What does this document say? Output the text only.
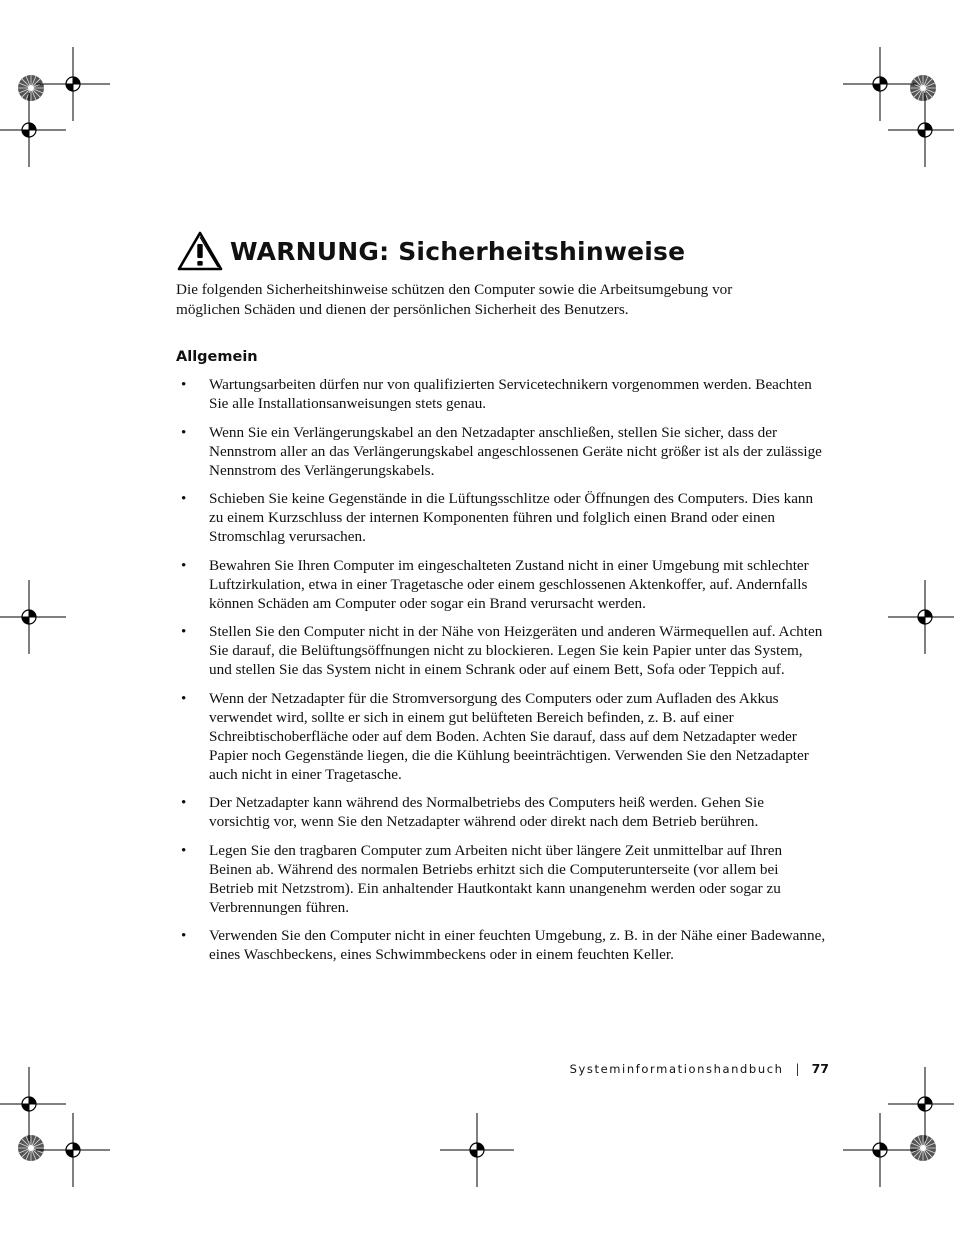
WARNUNG: Sicherheitshinweise

Die folgenden Sicherheitshinweise schützen den Computer sowie die Arbeitsumgebung vor möglichen Schäden und dienen der persönlichen Sicherheit des Benutzers.

Allgemein
• Wartungsarbeiten dürfen nur von qualifizierten Servicetechnikern vorgenommen werden. Beachten Sie alle Installationsanweisungen stets genau.
• Wenn Sie ein Verlängerungskabel an den Netzadapter anschließen, stellen Sie sicher, dass der Nennstrom aller an das Verlängerungskabel angeschlossenen Geräte nicht größer ist als der zulässige Nennstrom des Verlängerungskabels.
• Schieben Sie keine Gegenstände in die Lüftungsschlitze oder Öffnungen des Computers. Dies kann zu einem Kurzschluss der internen Komponenten führen und folglich einen Brand oder einen Stromschlag verursachen.
• Bewahren Sie Ihren Computer im eingeschalteten Zustand nicht in einer Umgebung mit schlechter Luftzirkulation, etwa in einer Tragetasche oder einem geschlossenen Aktenkoffer, auf. Andernfalls können Schäden am Computer oder sogar ein Brand verursacht werden.
• Stellen Sie den Computer nicht in der Nähe von Heizgeräten und anderen Wärmequellen auf. Achten Sie darauf, die Belüftungsöffnungen nicht zu blockieren. Legen Sie kein Papier unter das System, und stellen Sie das System nicht in einem Schrank oder auf einem Bett, Sofa oder Teppich auf.
• Wenn der Netzadapter für die Stromversorgung des Computers oder zum Aufladen des Akkus verwendet wird, sollte er sich in einem gut belüfteten Bereich befinden, z. B. auf einer Schreibtischoberfläche oder auf dem Boden. Achten Sie darauf, dass auf dem Netzadapter weder Papier noch Gegenstände liegen, die die Kühlung beeinträchtigen. Verwenden Sie den Netzadapter auch nicht in einer Tragetasche.
• Der Netzadapter kann während des Normalbetriebs des Computers heiß werden. Gehen Sie vorsichtig vor, wenn Sie den Netzadapter während oder direkt nach dem Betrieb berühren.
• Legen Sie den tragbaren Computer zum Arbeiten nicht über längere Zeit unmittelbar auf Ihren Beinen ab. Während des normalen Betriebs erhitzt sich die Computerunterseite (vor allem bei Betrieb mit Netzstrom). Ein anhaltender Hautkontakt kann unangenehm werden oder sogar zu Verbrennungen führen.
• Verwenden Sie den Computer nicht in einer feuchten Umgebung, z. B. in der Nähe einer Badewanne, eines Waschbeckens, eines Schwimmbeckens oder in einem feuchten Keller.
Systeminformationshandbuch | 77
